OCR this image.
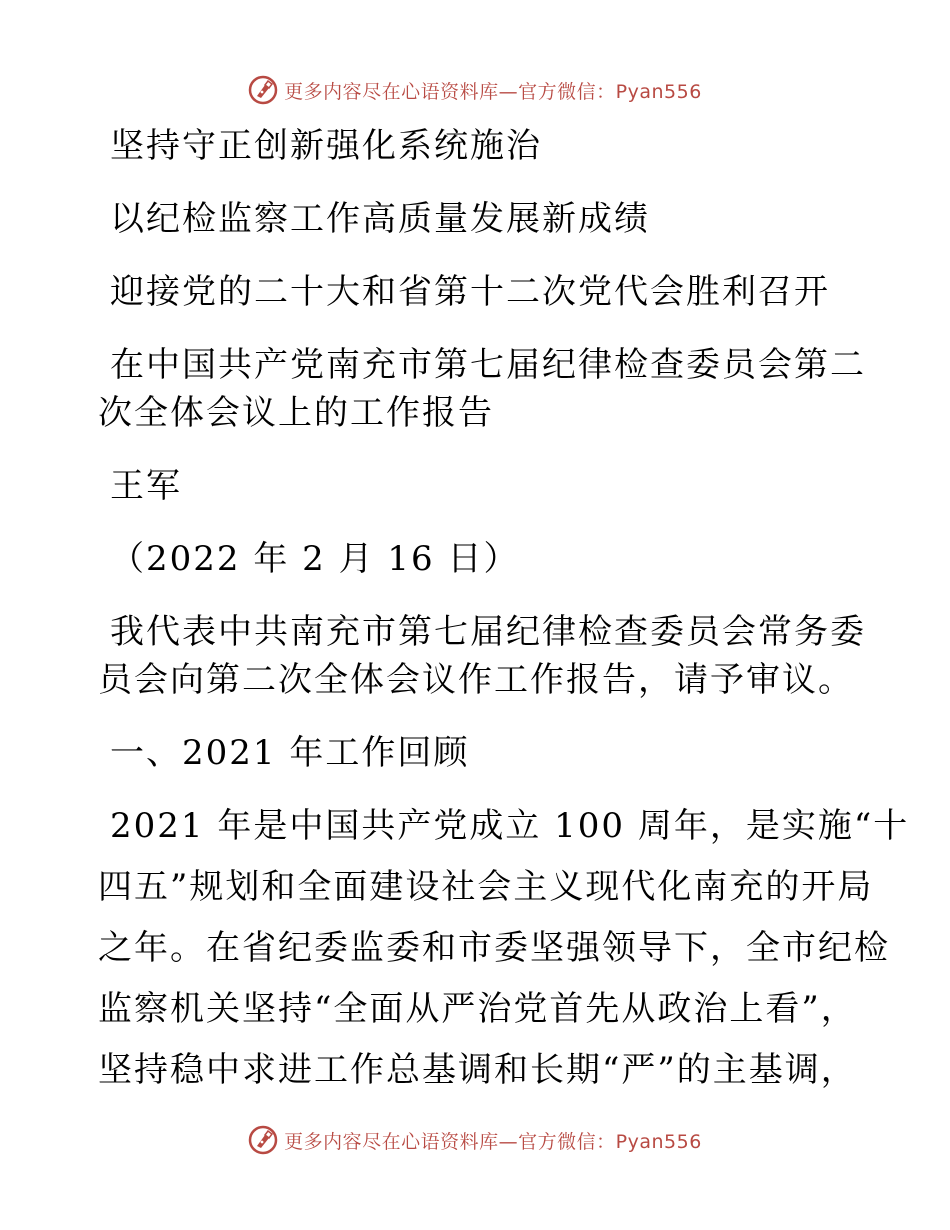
更多内容尽在心语资料库—官方微信：Pyan556
坚持守正创新强化系统施治
以纪检监察工作高质量发展新成绩
迎接党的二十大和省第十二次党代会胜利召开
在中国共产党南充市第七届纪律检查委员会第二
次全体会议上的工作报告
王军
（2022 年 2 月 16 日）
我代表中共南充市第七届纪律检查委员会常务委
员会向第二次全体会议作工作报告，请予审议。
一、2021 年工作回顾
2021 年是中国共产党成立 100 周年，是实施“十
四五”规划和全面建设社会主义现代化南充的开局
之年。在省纪委监委和市委坚强领导下，全市纪检
监察机关坚持“全面从严治党首先从政治上看”，
坚持稳中求进工作总基调和长期“严”的主基调，
更多内容尽在心语资料库—官方微信：Pyan556
